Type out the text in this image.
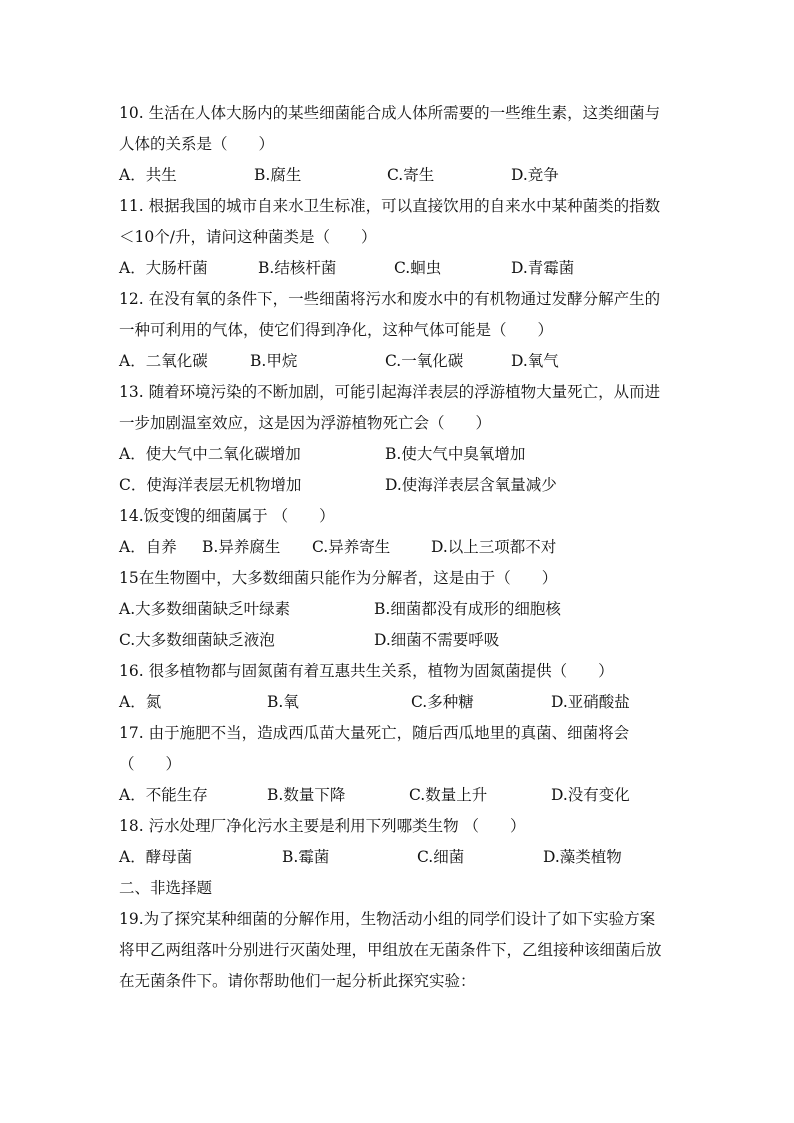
10. 生活在人体大肠内的某些细菌能合成人体所需要的一些维生素，这类细菌与
人体的关系是（　　）
A．共生	B.腐生	C.寄生	D.竞争
11. 根据我国的城市自来水卫生标准，可以直接饮用的自来水中某种菌类的指数
＜10个/升，请问这种菌类是（　　）
A．大肠杆菌	B.结核杆菌	C.蛔虫	D.青霉菌
12. 在没有氧的条件下，一些细菌将污水和废水中的有机物通过发酵分解产生的
一种可利用的气体，使它们得到净化，这种气体可能是（　　）
A．二氧化碳	B.甲烷	C.一氧化碳	D.氧气
13. 随着环境污染的不断加剧，可能引起海洋表层的浮游植物大量死亡，从而进
一步加剧温室效应，这是因为浮游植物死亡会（　　）
A．使大气中二氧化碳增加	B.使大气中臭氧增加
C．使海洋表层无机物增加	D.使海洋表层含氧量减少
14.饭变馊的细菌属于 （　　）
A．自养 B.异养腐生 C.异养寄生	D.以上三项都不对
15在生物圈中，大多数细菌只能作为分解者，这是由于（　　）
A.大多数细菌缺乏叶绿素	B.细菌都没有成形的细胞核
C.大多数细菌缺乏液泡	D.细菌不需要呼吸
16. 很多植物都与固氮菌有着互惠共生关系，植物为固氮菌提供（　　）
A．氮	B.氧	C.多种糖	D.亚硝酸盐
17. 由于施肥不当，造成西瓜苗大量死亡，随后西瓜地里的真菌、细菌将会
（　　）
A．不能生存	B.数量下降	C.数量上升	D.没有变化
18. 污水处理厂净化污水主要是利用下列哪类生物 （　　）
A．酵母菌	B.霉菌	C.细菌	D.藻类植物
二、非选择题
19.为了探究某种细菌的分解作用，生物活动小组的同学们设计了如下实验方案
将甲乙两组落叶分别进行灭菌处理，甲组放在无菌条件下，乙组接种该细菌后放
在无菌条件下。请你帮助他们一起分析此探究实验：
